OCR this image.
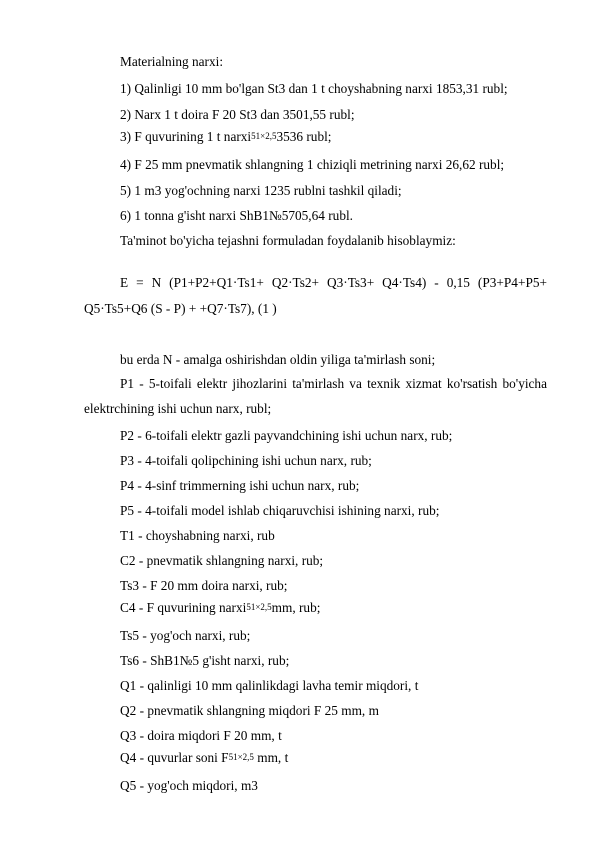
Materialning narxi:
1) Qalinligi 10 mm bo'lgan St3 dan 1 t choyshabning narxi 1853,31 rubl;
2) Narx 1 t doira F 20 St3 dan 3501,55 rubl;
3) F quvurining 1 t narxi$^{51\times 2,5}$3536 rubl;
4) F 25 mm pnevmatik shlangning 1 chiziqli metrining narxi 26,62 rubl;
5) 1 m3 yog'ochning narxi 1235 rublni tashkil qiladi;
6) 1 tonna g'isht narxi ShB1№5705,64 rubl.
Ta'minot bo'yicha tejashni formuladan foydalanib hisoblaymiz:
E = N (P1+P2+Q1·Ts1+ Q2·Ts2+ Q3·Ts3+ Q4·Ts4) - 0,15 (P3+P4+P5+
Q5·Ts5+Q6 (S - P) + +Q7·Ts7), (1 )
bu erda N - amalga oshirishdan oldin yiliga ta'mirlash soni;
P1 - 5-toifali elektr jihozlarini ta'mirlash va texnik xizmat ko'rsatish bo'yicha
elektrchining ishi uchun narx, rubl;
P2 - 6-toifali elektr gazli payvandchining ishi uchun narx, rub;
P3 - 4-toifali qolipchining ishi uchun narx, rub;
P4 - 4-sinf trimmerning ishi uchun narx, rub;
P5 - 4-toifali model ishlab chiqaruvchisi ishining narxi, rub;
T1 - choyshabning narxi, rub
C2 - pnevmatik shlangning narxi, rub;
Ts3 - F 20 mm doira narxi, rub;
C4 - F quvurining narxi$^{51\times 2,5}$mm, rub;
Ts5 - yog'och narxi, rub;
Ts6 - ShB1№5 g'isht narxi, rub;
Q1 - qalinligi 10 mm qalinlikdagi lavha temir miqdori, t
Q2 - pnevmatik shlangning miqdori F 25 mm, m
Q3 - doira miqdori F 20 mm, t
Q4 - quvurlar soni $F^{51\times 2,5}$ mm, t
Q5 - yog'och miqdori, m3
